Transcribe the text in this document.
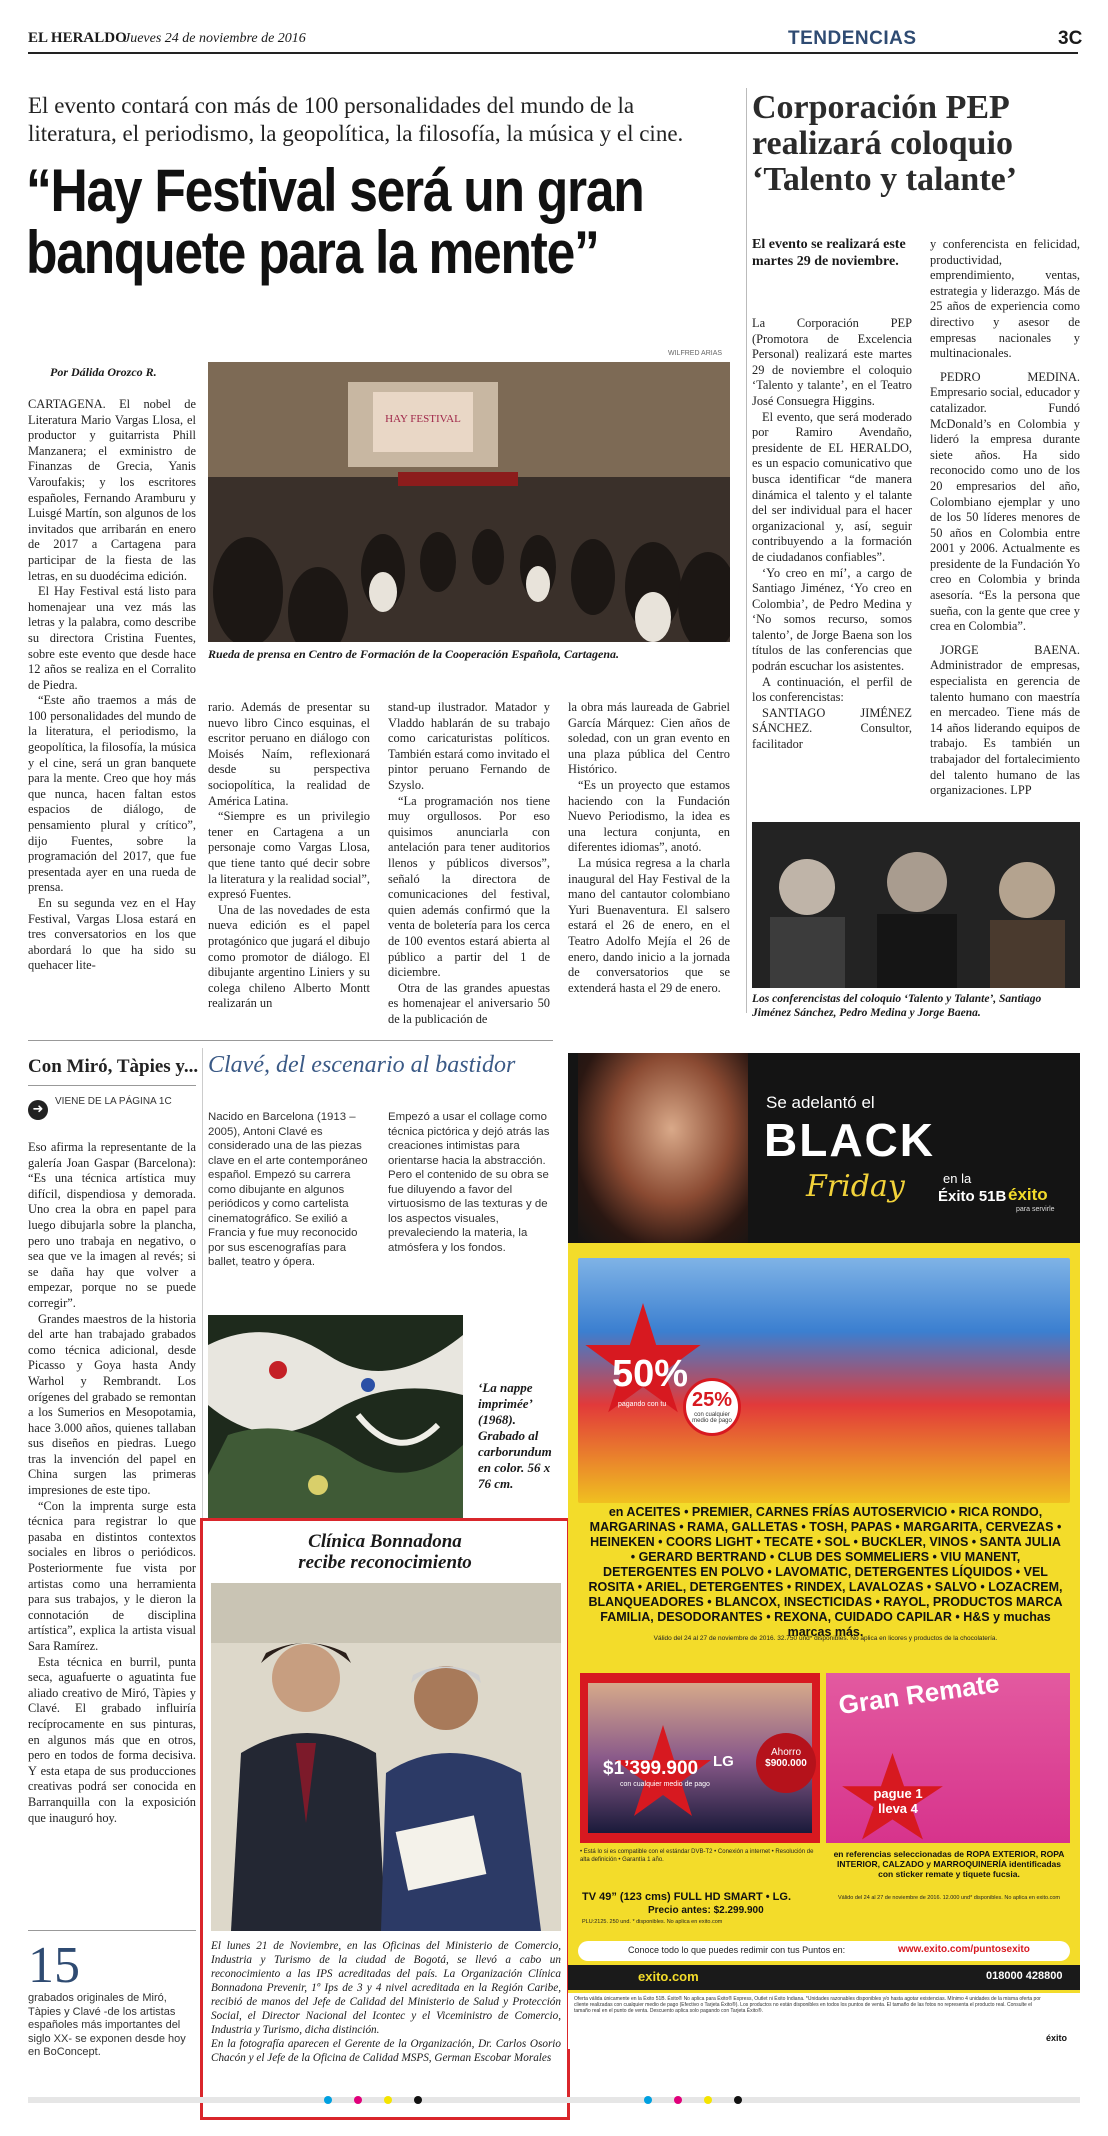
EL HERALDO
Jueves 24 de noviembre de 2016	TENDENCIAS	3C
El evento contará con más de 100 personalidades del mundo de la literatura, el periodismo, la geopolítica, la filosofía, la música y el cine.
“Hay Festival será un gran
banquete para la mente”
Por Dálida Orozco R.
WILFRED ARIAS

CARTAGENA. El nobel de Literatura Mario Vargas Llosa, el productor y guitarrista Phill Manzanera; el exministro de Finanzas de Grecia, Yanis Varoufakis; y los escritores españoles, Fernando Aramburu y Luisgé Martín, son algunos de los invitados que arribarán en enero de 2017 a Cartagena para participar de la fiesta de las letras, en su duodécima edición.

El Hay Festival está listo para homenajear una vez más las letras y la palabra, como describe su directora Cristina Fuentes, sobre este evento que desde hace 12 años se realiza en el Corralito de Piedra.

“Este año traemos a más de 100 personalidades del mundo de la literatura, el periodismo, la geopolítica, la filosofía, la música y el cine, será un gran banquete para la mente. Creo que hoy más que nunca, hacen faltan estos espacios de diálogo, de pensamiento plural y crítico”, dijo Fuentes, sobre la programación del 2017, que fue presentada ayer en una rueda de prensa.

En su segunda vez en el Hay Festival, Vargas Llosa estará en tres conversatorios en los que abordará lo que ha sido su quehacer lite-

HAY FESTIVAL
Rueda de prensa en Centro de Formación de la Cooperación Española, Cartagena.

rario. Además de presentar su nuevo libro Cinco esquinas, el escritor peruano en diálogo con Moisés Naím, reflexionará desde su perspectiva sociopolítica, la realidad de América Latina.

“Siempre es un privilegio tener en Cartagena a un personaje como Vargas Llosa, que tiene tanto qué decir sobre la literatura y la realidad social”, expresó Fuentes.

Una de las novedades de esta nueva edición es el papel protagónico que jugará el dibujo como promotor de diálogo. El dibujante argentino Liniers y su colega chileno Alberto Montt realizarán un

stand-up ilustrador. Matador y Vladdo hablarán de su trabajo como caricaturistas políticos. También estará como invitado el pintor peruano Fernando de Szyslo.

“La programación nos tiene muy orgullosos. Por eso quisimos anunciarla con antelación para tener auditorios llenos y públicos diversos”, señaló la directora de comunicaciones del festival, quien además confirmó que la venta de boletería para los cerca de 100 eventos estará abierta al público a partir del 1 de diciembre.

Otra de las grandes apuestas es homenajear el aniversario 50 de la publicación de

la obra más laureada de Gabriel García Márquez: Cien años de soledad, con un gran evento en una plaza pública del Centro Histórico.

“Es un proyecto que estamos haciendo con la Fundación Nuevo Periodismo, la idea es una lectura conjunta, en diferentes idiomas”, anotó.

La música regresa a la charla inaugural del Hay Festival de la mano del cantautor colombiano Yuri Buenaventura. El salsero estará el 26 de enero, en el Teatro Adolfo Mejía el 26 de enero, dando inicio a la jornada de conversatorios que se extenderá hasta el 29 de enero.

Corporación PEP realizará coloquio ‘Talento y talante’
El evento se realizará este martes 29 de noviembre.

La Corporación PEP (Promotora de Excelencia Personal) realizará este martes 29 de noviembre el coloquio ‘Talento y talante’, en el Teatro José Consuegra Higgins.

El evento, que será moderado por Ramiro Avendaño, presidente de EL HERALDO, es un espacio comunicativo que busca identificar “de manera dinámica el talento y el talante del ser individual para el hacer organizacional y, así, seguir contribuyendo a la formación de ciudadanos confiables”.

‘Yo creo en mí’, a cargo de Santiago Jiménez, ‘Yo creo en Colombia’, de Pedro Medina y ‘No somos recurso, somos talento’, de Jorge Baena son los títulos de las conferencias que podrán escuchar los asistentes.

A continuación, el perfil de los conferencistas:

SANTIAGO JIMÉNEZ SÁNCHEZ. Consultor, facilitador

y conferencista en felicidad, productividad, emprendimiento, ventas, estrategia y liderazgo. Más de 25 años de experiencia como directivo y asesor de empresas nacionales y multinacionales.

PEDRO MEDINA. Empresario social, educador y catalizador. Fundó McDonald’s en Colombia y lideró la empresa durante siete años. Ha sido reconocido como uno de los 20 empresarios del año, Colombiano ejemplar y uno de los 50 líderes menores de 50 años en Colombia entre 2001 y 2006. Actualmente es presidente de la Fundación Yo creo en Colombia y brinda asesoría. “Es la persona que sueña, con la gente que cree y crea en Colombia”.

JORGE BAENA. Administrador de empresas, especialista en gerencia de talento humano con maestría en mercadeo. Tiene más de 14 años liderando equipos de trabajo. Es también un trabajador del fortalecimiento del talento humano de las organizaciones. LPP

Los conferencistas del coloquio ‘Talento y Talante’, Santiago Jiménez Sánchez, Pedro Medina y Jorge Baena.
Con Miró, Tàpies y...
➜
VIENE DE LA PÁGINA 1C

Eso afirma la representante de la galería Joan Gaspar (Barcelona): “Es una técnica artística muy difícil, dispendiosa y demorada. Uno crea la obra en papel para luego dibujarla sobre la plancha, pero uno trabaja en negativo, o sea que ve la imagen al revés; si se daña hay que volver a empezar, porque no se puede corregir”.

Grandes maestros de la historia del arte han trabajado grabados como técnica adicional, desde Picasso y Goya hasta Andy Warhol y Rembrandt. Los orígenes del grabado se remontan a los Sumerios en Mesopotamia, hace 3.000 años, quienes tallaban sus diseños en piedras. Luego tras la invención del papel en China surgen las primeras impresiones de este tipo.

“Con la imprenta surge esta técnica para registrar lo que pasaba en distintos contextos sociales en libros o periódicos. Posteriormente fue vista por artistas como una herramienta para sus trabajos, y le dieron la connotación de disciplina artística”, explica la artista visual Sara Ramírez.

Esta técnica en burril, punta seca, aguafuerte o aguatinta fue aliado creativo de Miró, Tàpies y Clavé. El grabado influiría recíprocamente en sus pinturas, en algunos más que en otros, pero en todos de forma decisiva. Y esta etapa de sus producciones creativas podrá ser conocida en Barranquilla con la exposición que inauguró hoy.

15
grabados originales de Miró, Tàpies y Clavé -de los artistas españoles más importantes del siglo XX- se exponen desde hoy en BoConcept.
Clavé, del escenario al bastidor
Nacido en Barcelona (1913 – 2005), Antoni Clavé es considerado una de las piezas clave en el arte contemporáneo español. Empezó su carrera como dibujante en algunos periódicos y como cartelista cinematográfico. Se exilió a Francia y fue muy reconocido por sus escenografías para ballet, teatro y ópera.
Empezó a usar el collage como técnica pictórica y dejó atrás las creaciones intimistas para orientarse hacia la abstracción. Pero el contenido de su obra se fue diluyendo a favor del virtuosismo de las texturas y de los aspectos visuales, prevaleciendo la materia, la atmósfera y los fondos.
‘La nappe imprimée’ (1968). Grabado al carborundum en color. 56 x 76 cm.
Clínica Bonnadona
recibe reconocimiento

El lunes 21 de Noviembre, en las Oficinas del Ministerio de Comercio, Industria y Turismo de la ciudad de Bogotá, se llevó a cabo un reconocimiento a las IPS acreditadas del país. La Organización Clínica Bonnadona Prevenir, 1º Ips de 3 y 4 nivel acreditada en la Región Caribe, recibió de manos del Jefe de Calidad del Ministerio de Salud y Protección Social, el Director Nacional del Icontec y el Viceministro de Comercio, Industria y Turismo, dicha distinción.

En la fotografía aparecen el Gerente de la Organización, Dr. Carlos Osorio Chacón y el Jefe de la Oficina de Calidad MSPS, German Escobar Morales

Se adelantó el
BLACK
Friday	en la
Éxito 51B éxito
para servirle
50%
pagando con tu 25%
con cualquier medio de pago
en ACEITES • PREMIER, CARNES FRÍAS AUTOSERVICIO • RICA RONDO, MARGARINAS • RAMA, GALLETAS • TOSH, PAPAS • MARGARITA, CERVEZAS • HEINEKEN • COORS LIGHT • TECATE • SOL • BUCKLER, VINOS • SANTA JULIA • GERARD BERTRAND • CLUB DES SOMMELIERS • VIU MANENT, DETERGENTES EN POLVO • LAVOMATIC, DETERGENTES LÍQUIDOS • VEL ROSITA • ARIEL, DETERGENTES • RINDEX, LAVALOZAS • SALVO • LOZACREM, BLANQUEADORES • BLANCOX, INSECTICIDAS • RAYOL, PRODUCTOS MARCA FAMILIA, DESODORANTES • REXONA, CUIDADO CAPILAR • H&S y muchas marcas más.
Válido del 24 al 27 de noviembre de 2016. 32.750 und* disponibles. No aplica en licores y productos de la chocolatería.
$1’399.900
con cualquier medio de pago
LG
Ahorro
$900.000
• Está lo si es compatible con el estándar DVB-T2 • Conexión a internet • Resolución de alta definición • Garantía 1 año.
TV 49” (123 cms) FULL HD SMART • LG.
Precio antes: $2.299.900
PLU:2125. 250 und. * disponibles. No aplica en exito.com
Gran Remate
pague 1 lleva 4
en referencias seleccionadas de ROPA EXTERIOR, ROPA INTERIOR, CALZADO y MARROQUINERÍA identificadas con sticker remate y tiquete fucsia.
Válido del 24 al 27 de noviembre de 2016. 12.000 und* disponibles. No aplica en exito.com
Conoce todo lo que puedes redimir con tus Puntos en:	www.exito.com/puntosexito
exito.com	018000 428800
Oferta válida únicamente en la Éxito 51B. Éxito® No aplica para Éxito® Express, Outlet ni Éxito Indiana. *Unidades razonables disponibles y/o hasta agotar existencias. Mínimo 4 unidades de la misma oferta por cliente realizadas con cualquier medio de pago (Efectivo o Tarjeta Éxito®). Los productos no están disponibles en todos los puntos de venta. El tamaño de las fotos no representa el producto real. Consulte el tamaño real en el punto de venta. Descuento aplica solo pagando con Tarjeta Éxito®.
éxito
